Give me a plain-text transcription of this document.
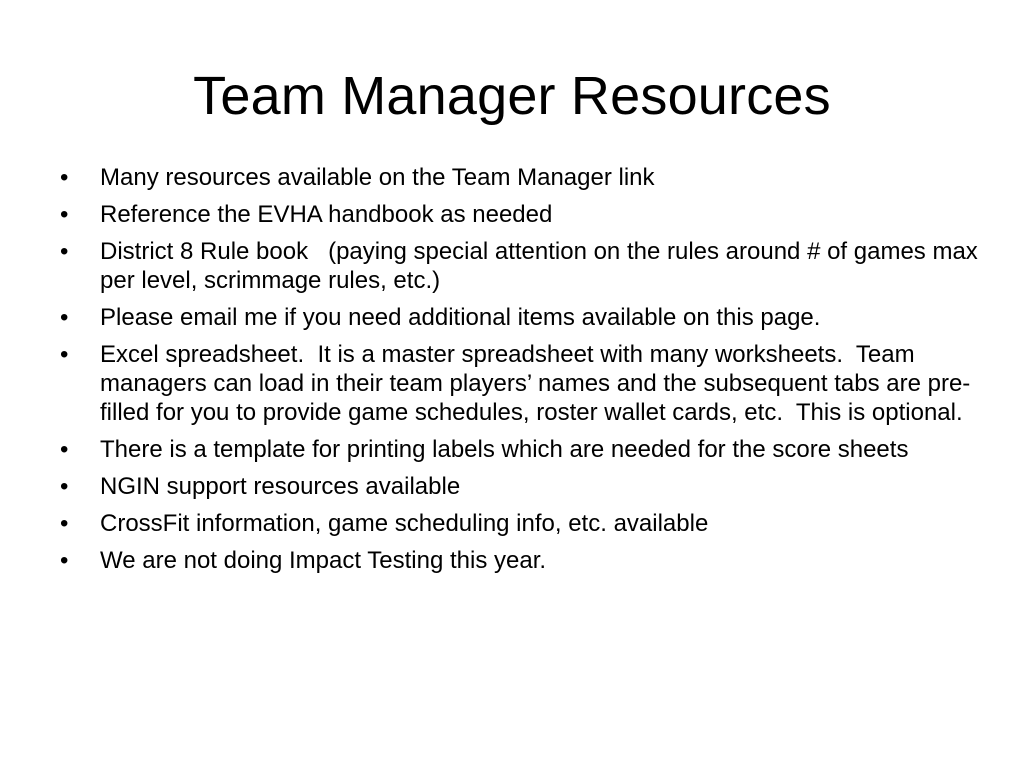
Team Manager Resources
•	Many resources available on the Team Manager link
•	Reference the EVHA handbook as needed
•	District 8 Rule book   (paying special attention on the rules around # of games max per level, scrimmage rules, etc.)
•	Please email me if you need additional items available on this page.
•	Excel spreadsheet.  It is a master spreadsheet with many worksheets.  Team managers can load in their team players’ names and the subsequent tabs are pre-filled for you to provide game schedules, roster wallet cards, etc.  This is optional.
•	There is a template for printing labels which are needed for the score sheets
•	NGIN support resources available
•	CrossFit information, game scheduling info, etc. available
•	We are not doing Impact Testing this year.
